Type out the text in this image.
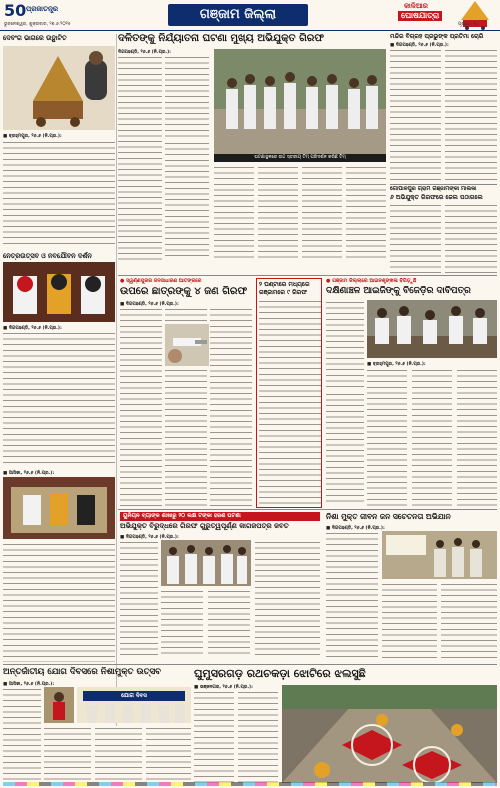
50 ପ୍ରଜାତନ୍ତ୍ର
ଭୁବନେଶ୍ୱର, ଶୁକ୍ରବାର, ୨୭.୬.୨୦୨୫
ଗଞ୍ଜାମ ଜିଲ୍ଲା
କାଳିଆର
ଘୋଷଯାତ୍ରା
ପୃଷ୍ଠା : ୧୪
ଦେବଂଗ ଭାଗରେ ଉଦ୍ଘାଟିତ
■ ବ୍ରହ୍ମପୁର, ୨୬.୬ (ନି.ପ୍ର.):
ଦଳିତଙ୍କୁ ନିର୍ଯ୍ୟାତନା ଘଟଣା ମୁଖ୍ୟ ଅଭିଯୁକ୍ତ ଗିରଫ
ଦିଗପହଣ୍ଡି, ୨୬.୬ (ନି.ପ୍ର.):
ଘଟଣାସ୍ଥଳରେ ଉଚ୍ଚ ସ୍ତରୀୟ ଟିମ୍ ପରିଦର୍ଶନ କରିଛି ଟିମ୍
ମନ୍ଦିର ବିଗ୍ରହ ପ୍ରଭୁଙ୍କ ପ୍ରତିମା ଚୋରି
■ ଦିଗପହଣ୍ଡି, ୨୬.୬ (ନି.ପ୍ର.):
ଗୋପାଳପୁର ଗ୍ରାମ ଗଞ୍ଜାମଙ୍କୀ ମାଲିକା
୬ ଅଭିଯୁକ୍ତ ଗିରଫରେ ଜେଲ ପଠାଗଲେ
ନେତ୍ରଉତ୍ସବ ଓ ନବଯୌବନ ଦର୍ଶନ
■ ଦିଗପହଣ୍ଡି, ୨୬.୬ (ନି.ପ୍ର.):
■ ଆସିକା, ୨୬.୬ (ନି.ପ୍ର.):
● ସ୍ୱର୍ଣ୍ଣପୁରର ଜନସାଧାରଣ ଆତଙ୍କରେ
ଉପରେ ଛାତ୍ରଙ୍କୁ ୪ ଜଣ ଗିରଫ
■ ଦିଗପହଣ୍ଡି, ୨୬.୬ (ନି.ପ୍ର.):
୨ ଘଣ୍ଟାରେ ମଧ୍ୟରେ
ଗଞ୍ଜାମରେ ୯ ଗିରଫ
● ଗଞ୍ଜାମ ଜିଲ୍ଲାରେ ଆଇନଶୃଙ୍ଖଳା ବିଗିଡ଼ୁଛି
ଦକ୍ଷିଣାଞ୍ଚଳ ଆଇଜିଙ୍କୁ ବିଜେଡ଼ିର ଦାବିପତ୍ର
■ ବ୍ରହ୍ମପୁର, ୨୬.୬ (ନି.ପ୍ର.):
ୟୁନିୟନ ବ୍ୟାଙ୍କ ଶାଖାରୁ ୨୦ ଲକ୍ଷ ଟଙ୍କା ହରଣ ଘଟଣା
ଅଭିଯୁକ୍ତ ବିରୁଦ୍ଧରେ ଗିରଫ ଗୁରୁତ୍ୱପୂର୍ଣ୍ଣ କାଗଜପତ୍ର ଜବତ
■ ଦିଗପହଣ୍ଡି, ୨୬.୬ (ନି.ପ୍ର.):
ନିଶା ମୁକ୍ତ ଜୀବନ ଜନ ସଚେତନତା ଅଭିଯାନ
■ ଦିଗପହଣ୍ଡି, ୨୬.୬ (ନି.ପ୍ର.):
ଅନ୍ତର୍ଜାତୀୟ ଯୋଗ ଦିବସରେ ନିଶାମୁକ୍ତ ଉତ୍ସବ
■ ଆସିକା, ୨୬.୬ (ନି.ପ୍ର.):
ଯୋଗ ଦିବସ
ଘୁମୁସରଗଡ଼ ରଥଚକଡ଼ା ଝୋଟିରେ ଝଲସୁଛି
■ ଭଞ୍ଜନଗର, ୨୬.୬ (ନି.ପ୍ର.):
